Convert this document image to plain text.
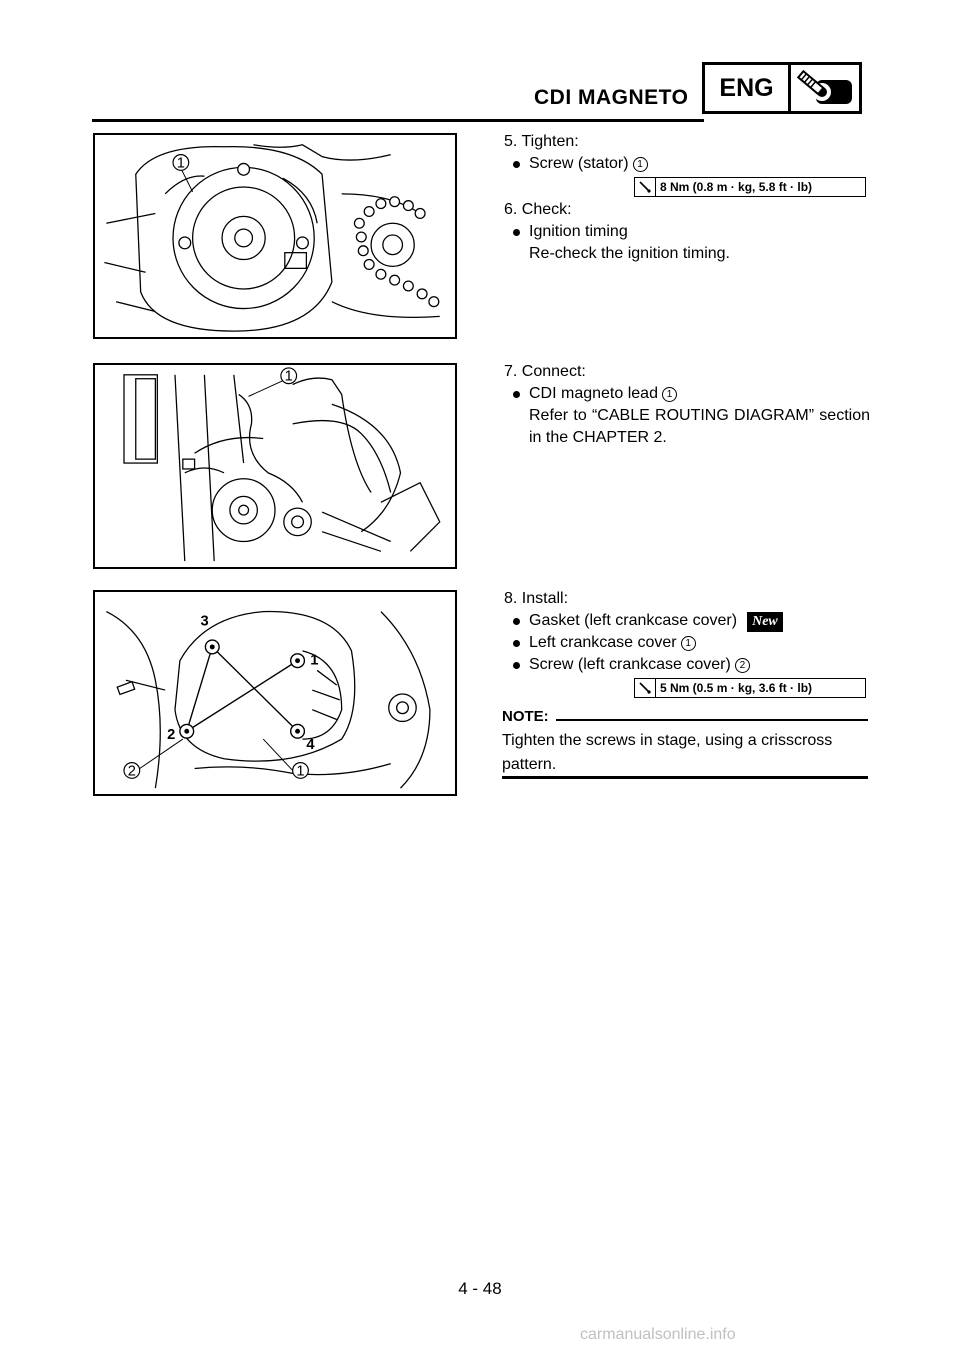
CDI MAGNETO	ENG
1
1
1
2
3
1
2
4
5. Tighten:
Screw (stator) 1
8 Nm (0.8 m · kg, 5.8 ft · lb)
6. Check:
Ignition timing
Re-check the ignition timing.
7. Connect:
CDI magneto lead 1
Refer to “CABLE ROUTING DIAGRAM” section in the CHAPTER 2.
8. Install:
Gasket (left crankcase cover) New
Left crankcase cover 1
Screw (left crankcase cover) 2
5 Nm (0.5 m · kg, 3.6 ft · lb)
NOTE:
Tighten the screws in stage, using a crisscross pattern.
4 - 48
carmanualsonline.info
